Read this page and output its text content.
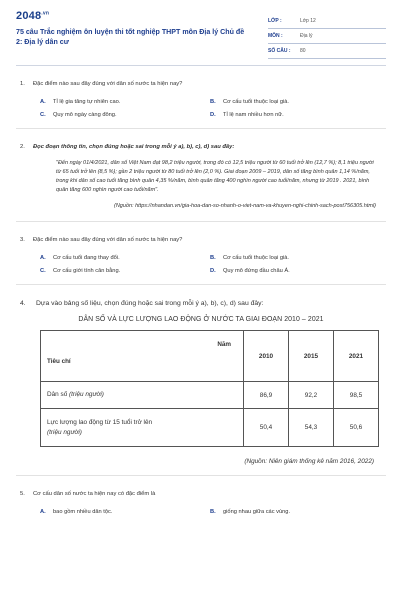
$2048^{.vn}$
75 câu Trắc nghiệm ôn luyện thi tốt nghiệp THPT môn Địa lý Chủ đề 2: Địa lý dân cư
LỚP :	Lớp 12
MÔN :	Địa lý
SỐ CÂU :	80
1.	Đặc điểm nào sau đây đúng với dân số nước ta hiện nay?
A.	Tỉ lệ gia tăng tự nhiên cao.	B.	Cơ cấu tuổi thuộc loại già.
C.	Quy mô ngày càng đông.	D.	Tỉ lệ nam nhiều hơn nữ.
2.	Đọc đoạn thông tin, chọn đúng hoặc sai trong mỗi ý a), b), c), d) sau đây:
"Đến ngày 01/4/2021, dân số Việt Nam đạt 98,2 triệu người, trong đó có 12,5 triệu người từ 60 tuổi trở lên (12,7 %); 8,1 triệu người từ 65 tuổi trở lên (8,5 %); gần 2 triệu người từ 80 tuổi trở lên (2,0 %). Giai đoạn 2009 – 2019, dân số tăng bình quân 1,14 %/năm, trong khi dân số cao tuổi tăng bình quân 4,35 %/năm, bình quân tăng 400 nghìn người cao tuổi/năm, nhưng từ 2019 . 2021, bình quân tăng 600 nghìn người cao tuổi/năm".
(Nguồn: https://nhandan.vn/gia-hoa-dan-so-nhanh-o-viet-nam-va-khuyen-nghi-chinh-sach-post756305.html)
3.	Đặc điểm nào sau đây đúng với dân số nước ta hiện nay?
A.	Cơ cấu tuổi đang thay đổi.	B.	Cơ cấu tuổi thuộc loại già.
C.	Cơ cấu giới tính cân bằng.	D.	Quy mô đứng đầu châu Á.
4.	Dựa vào bảng số liệu, chọn đúng hoặc sai trong mỗi ý a), b), c), d) sau đây:
DÂN SỐ VÀ LỰC LƯỢNG LAO ĐỘNG Ở NƯỚC TA GIAI ĐOẠN 2010 – 2021
Năm
Tiêu chí	2010	2015	2021
Dân số (triệu người)	86,9	92,2	98,5
Lực lượng lao động từ 15 tuổi trở lên
(triệu người)	50,4	54,3	50,6
(Nguồn: Niên giám thống kê năm 2016, 2022)
5.	Cơ cấu dân số nước ta hiện nay có đặc điểm là
A.	bao gồm nhiều dân tộc.	B.	giống nhau giữa các vùng.
